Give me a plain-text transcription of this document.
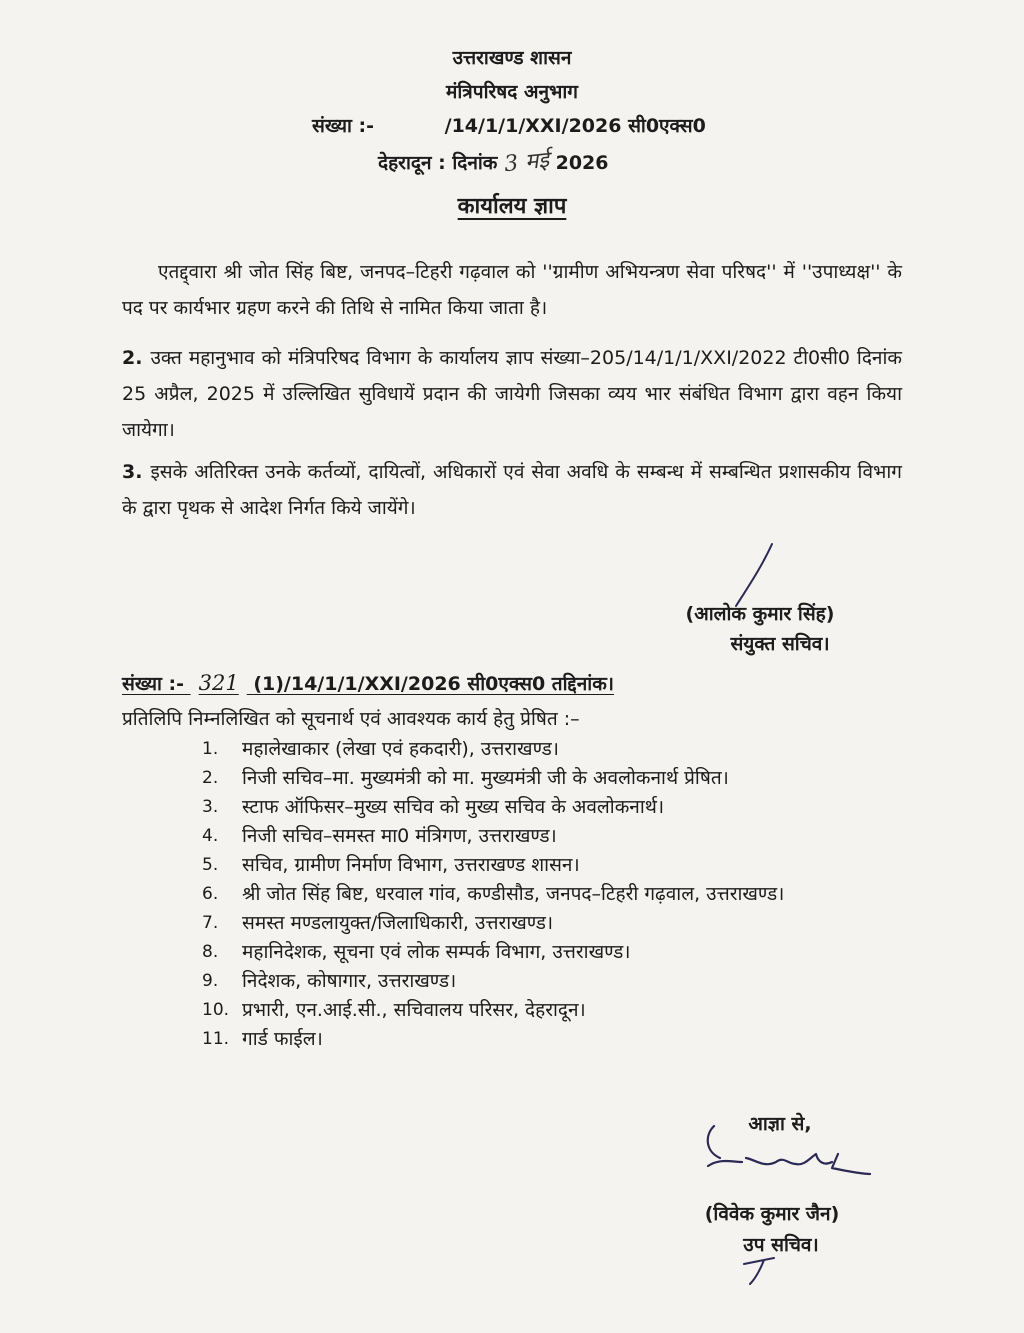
उत्तराखण्ड शासन
मंत्रिपरिषद अनुभाग
संख्या :-	/14/1/1/XXI/2026 सी0एक्स0
देहरादून : दिनांक 3 मई 2026
कार्यालय ज्ञाप
एतद्द्वारा श्री जोत सिंह बिष्ट, जनपद–टिहरी गढ़वाल को ''ग्रामीण अभियन्त्रण सेवा परिषद'' में ''उपाध्यक्ष'' के पद पर कार्यभार ग्रहण करने की तिथि से नामित किया जाता है।
2. उक्त महानुभाव को मंत्रिपरिषद विभाग के कार्यालय ज्ञाप संख्या–205/14/1/1/XXI/2022 टी0सी0 दिनांक 25 अप्रैल, 2025 में उल्लिखित सुविधायें प्रदान की जायेगी जिसका व्यय भार संबंधित विभाग द्वारा वहन किया जायेगा।
3. इसके अतिरिक्त उनके कर्तव्यों, दायित्वों, अधिकारों एवं सेवा अवधि के सम्बन्ध में सम्बन्धित प्रशासकीय विभाग के द्वारा पृथक से आदेश निर्गत किये जायेंगे।
(आलोक कुमार सिंह)
संयुक्त सचिव।
संख्या :- 321 (1)/14/1/1/XXI/2026 सी0एक्स0 तद्दिनांक।
प्रतिलिपि निम्नलिखित को सूचनार्थ एवं आवश्यक कार्य हेतु प्रेषित :–
1.	महालेखाकार (लेखा एवं हकदारी), उत्तराखण्ड।
2.	निजी सचिव–मा. मुख्यमंत्री को मा. मुख्यमंत्री जी के अवलोकनार्थ प्रेषित।
3.	स्टाफ ऑफिसर–मुख्य सचिव को मुख्य सचिव के अवलोकनार्थ।
4.	निजी सचिव–समस्त मा0 मंत्रिगण, उत्तराखण्ड।
5.	सचिव, ग्रामीण निर्माण विभाग, उत्तराखण्ड शासन।
6.	श्री जोत सिंह बिष्ट, धरवाल गांव, कण्डीसौड, जनपद–टिहरी गढ़वाल, उत्तराखण्ड।
7.	समस्त मण्डलायुक्त/जिलाधिकारी, उत्तराखण्ड।
8.	महानिदेशक, सूचना एवं लोक सम्पर्क विभाग, उत्तराखण्ड।
9.	निदेशक, कोषागार, उत्तराखण्ड।
10. प्रभारी, एन.आई.सी., सचिवालय परिसर, देहरादून।
11. गार्ड फाईल।
आज्ञा से,
(विवेक कुमार जैन)
उप सचिव।
